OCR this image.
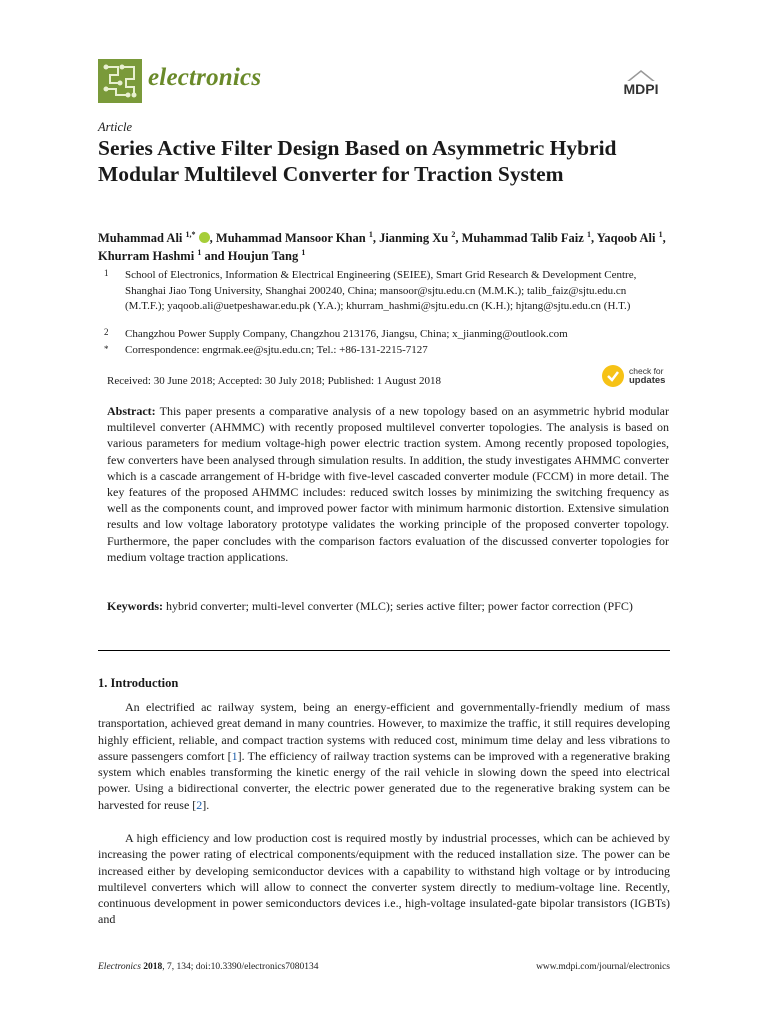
electronics	MDPI
Article
Series Active Filter Design Based on Asymmetric Hybrid Modular Multilevel Converter for Traction System
Muhammad Ali $^{1,*}$ , Muhammad Mansoor Khan $^1$, Jianming Xu $^2$, Muhammad Talib Faiz $^1$, Yaqoob Ali $^1$, Khurram Hashmi $^1$ and Houjun Tang $^1$
1 School of Electronics, Information & Electrical Engineering (SEIEE), Smart Grid Research & Development Centre, Shanghai Jiao Tong University, Shanghai 200240, China; mansoor@sjtu.edu.cn (M.M.K.); talib_faiz@sjtu.edu.cn (M.T.F.); yaqoob.ali@uetpeshawar.edu.pk (Y.A.); khurram_hashmi@sjtu.edu.cn (K.H.); hjtang@sjtu.edu.cn (H.T.)
2 Changzhou Power Supply Company, Changzhou 213176, Jiangsu, China; x_jianming@outlook.com
* Correspondence: engrmak.ee@sjtu.edu.cn; Tel.: +86-131-2215-7127
Received: 30 June 2018; Accepted: 30 July 2018; Published: 1 August 2018
check for
updates
Abstract: This paper presents a comparative analysis of a new topology based on an asymmetric hybrid modular multilevel converter (AHMMC) with recently proposed multilevel converter topologies. The analysis is based on various parameters for medium voltage-high power electric traction system. Among recently proposed topologies, few converters have been analysed through simulation results. In addition, the study investigates AHMMC converter which is a cascade arrangement of H-bridge with five-level cascaded converter module (FCCM) in more detail. The key features of the proposed AHMMC includes: reduced switch losses by minimizing the switching frequency as well as the components count, and improved power factor with minimum harmonic distortion. Extensive simulation results and low voltage laboratory prototype validates the working principle of the proposed converter topology. Furthermore, the paper concludes with the comparison factors evaluation of the discussed converter topologies for medium voltage traction applications.
Keywords: hybrid converter; multi-level converter (MLC); series active filter; power factor correction (PFC)
1. Introduction
An electrified ac railway system, being an energy-efficient and governmentally-friendly medium of mass transportation, achieved great demand in many countries. However, to maximize the traffic, it still requires developing highly efficient, reliable, and compact traction systems with reduced cost, minimum time delay and less vibrations to assure passengers comfort [1]. The efficiency of railway traction systems can be improved with a regenerative braking system which enables transforming the kinetic energy of the rail vehicle in slowing down the speed into electrical power. Using a bidirectional converter, the electric power generated due to the regenerative braking system can be harvested for reuse [2].
A high efficiency and low production cost is required mostly by industrial processes, which can be achieved by increasing the power rating of electrical components/equipment with the reduced installation size. The power can be increased either by developing semiconductor devices with a capability to withstand high voltage or by introducing multilevel converters which will allow to connect the converter system directly to medium-voltage line. Recently, continuous development in power semiconductors devices i.e., high-voltage insulated-gate bipolar transistors (IGBTs) and
Electronics 2018, 7, 134; doi:10.3390/electronics7080134	www.mdpi.com/journal/electronics
